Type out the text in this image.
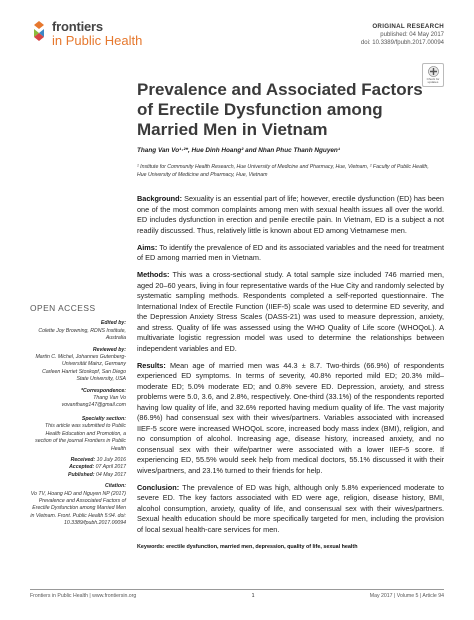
frontiers
in Public Health
ORIGINAL RESEARCH
published: 04 May 2017
doi: 10.3389/fpubh.2017.00094
Check for updates
Prevalence and Associated Factors of Erectile Dysfunction among Married Men in Vietnam
Thang Van Vo¹·²*, Hue Dinh Hoang² and Nhan Phuc Thanh Nguyen¹
¹ Institute for Community Health Research, Hue University of Medicine and Pharmacy, Hue, Vietnam, ² Faculty of Public Health, Hue University of Medicine and Pharmacy, Hue, Vietnam
OPEN ACCESS
Edited by:
Colette Joy Browning, RDNS Institute, Australia
Reviewed by:
Martin C. Michel, Johannes Gutenberg-Universität Mainz, Germany
Carleen Harriet Stoskopf, San Diego State University, USA
*Correspondence:
Thang Van Vo
vovanthang147@gmail.com
Specialty section:
This article was submitted to Public Health Education and Promotion, a section of the journal Frontiers in Public Health
Received: 10 July 2016
Accepted: 07 April 2017
Published: 04 May 2017
Citation:
Vo TV, Hoang HD and Nguyen NP (2017) Prevalence and Associated Factors of Erectile Dysfunction among Married Men in Vietnam. Front. Public Health 5:94. doi: 10.3389/fpubh.2017.00094

Background: Sexuality is an essential part of life; however, erectile dysfunction (ED) has been one of the most common complaints among men with sexual health issues all over the world. ED includes dysfunction in erection and penile erectile pain. In Vietnam, ED is a subject a not readily discussed. Thus, relatively little is known about ED among Vietnamese men.

Aims: To identify the prevalence of ED and its associated variables and the need for treatment of ED among married men in Vietnam.

Methods: This was a cross-sectional study. A total sample size included 746 married men, aged 20–60 years, living in four representative wards of the Hue City and randomly selected by systematic sampling methods. Respondents completed a self-reported questionnaire. The International Index of Erectile Function (IIEF-5) scale was used to determine ED severity, and the Depression Anxiety Stress Scales (DASS-21) was used to measure depression, anxiety, and stress. Quality of life was assessed using the WHO Quality of Life score (WHOQoL). A multivariate logistic regression model was used to determine the relationships between independent variables and ED.

Results: Mean age of married men was 44.3 ± 8.7. Two-thirds (66.9%) of respondents experienced ED symptoms. In terms of severity, 40.8% reported mild ED; 20.3% mild–moderate ED; 5.0% moderate ED; and 0.8% severe ED. Depression, anxiety, and stress problems were 5.0, 3.6, and 2.8%, respectively. One-third (33.1%) of the respondents reported having low quality of life, and 32.6% reported having medium quality of life. The vast majority (86.9%) had consensual sex with their wives/partners. Variables associated with increased IIEF-5 score were increased WHOQoL score, increased body mass index (BMI), religion, and no consumption of alcohol. Increasing age, disease history, increased anxiety, and no consensual sex with their wife/partner were associated with a lower IIEF-5 score. If experiencing ED, 55.5% would seek help from medical doctors, 55.1% discussed it with their wives/partners, and 23.1% turned to their friends for help.

Conclusion: The prevalence of ED was high, although only 5.8% experienced moderate to severe ED. The key factors associated with ED were age, religion, disease history, BMI, alcohol consumption, anxiety, quality of life, and consensual sex with their wives/partners. Sexual health education should be more specifically targeted for men, including the provision of local sexual health-care services for men.

Keywords: erectile dysfunction, married men, depression, quality of life, sexual health
Frontiers in Public Health | www.frontiersin.org	1	May 2017 | Volume 5 | Article 94
